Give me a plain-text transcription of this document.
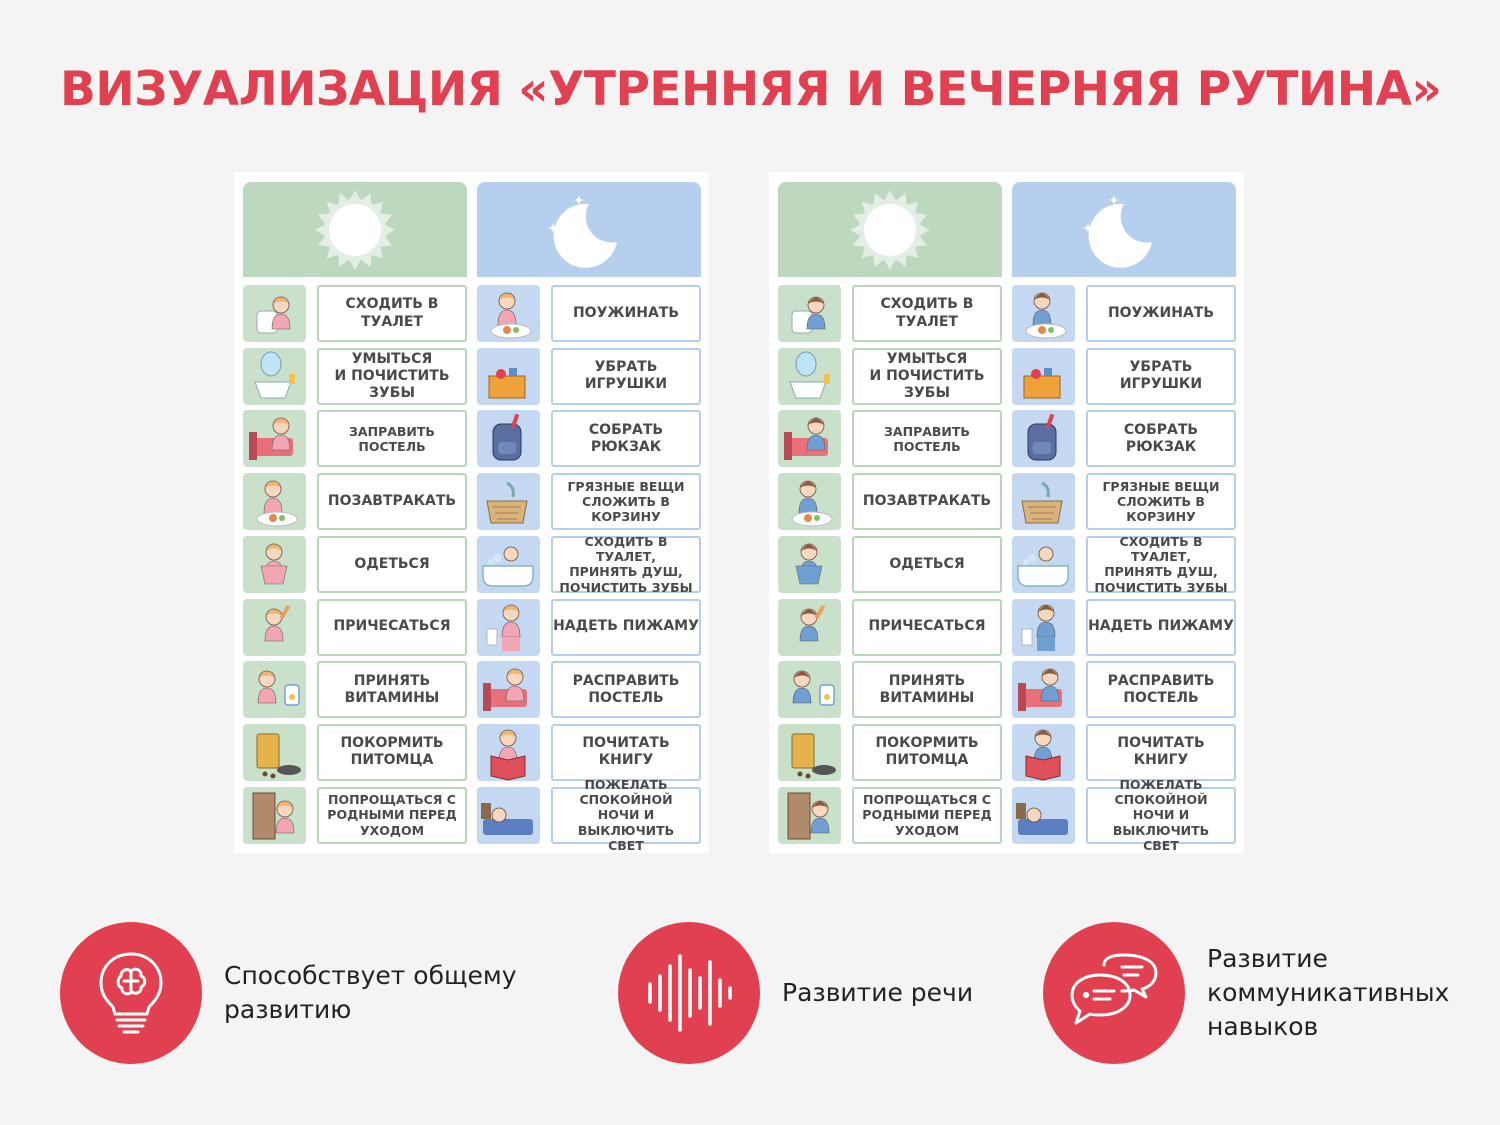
ВИЗУАЛИЗАЦИЯ «УТРЕННЯЯ И ВЕЧЕРНЯЯ РУТИНА»
СХОДИТЬ В ТУАЛЕТ
УМЫТЬСЯ
И ПОЧИСТИТЬ ЗУБЫ
ЗАПРАВИТЬ ПОСТЕЛЬ
ПОЗАВТРАКАТЬ
ОДЕТЬСЯ
ПРИЧЕСАТЬСЯ
ПРИНЯТЬ
ВИТАМИНЫ
ПОКОРМИТЬ
ПИТОМЦА
ПОПРОЩАТЬСЯ С
РОДНЫМИ ПЕРЕД
УХОДОМ
ПОУЖИНАТЬ
УБРАТЬ ИГРУШКИ
СОБРАТЬ РЮКЗАК
ГРЯЗНЫЕ ВЕЩИ
СЛОЖИТЬ В КОРЗИНУ
СХОДИТЬ В ТУАЛЕТ,
ПРИНЯТЬ ДУШ,
ПОЧИСТИТЬ ЗУБЫ
НАДЕТЬ ПИЖАМУ
РАСПРАВИТЬ
ПОСТЕЛЬ
ПОЧИТАТЬ КНИГУ
ПОЖЕЛАТЬ СПОКОЙНОЙ
НОЧИ И ВЫКЛЮЧИТЬ
СВЕТ
СХОДИТЬ В ТУАЛЕТ
УМЫТЬСЯ
И ПОЧИСТИТЬ ЗУБЫ
ЗАПРАВИТЬ ПОСТЕЛЬ
ПОЗАВТРАКАТЬ
ОДЕТЬСЯ
ПРИЧЕСАТЬСЯ
ПРИНЯТЬ
ВИТАМИНЫ
ПОКОРМИТЬ
ПИТОМЦА
ПОПРОЩАТЬСЯ С
РОДНЫМИ ПЕРЕД
УХОДОМ
ПОУЖИНАТЬ
УБРАТЬ ИГРУШКИ
СОБРАТЬ РЮКЗАК
ГРЯЗНЫЕ ВЕЩИ
СЛОЖИТЬ В КОРЗИНУ
СХОДИТЬ В ТУАЛЕТ,
ПРИНЯТЬ ДУШ,
ПОЧИСТИТЬ ЗУБЫ
НАДЕТЬ ПИЖАМУ
РАСПРАВИТЬ
ПОСТЕЛЬ
ПОЧИТАТЬ КНИГУ
ПОЖЕЛАТЬ СПОКОЙНОЙ
НОЧИ И ВЫКЛЮЧИТЬ
СВЕТ
Способствует общему
развитию
Развитие речи
Развитие
коммуникативных
навыков
